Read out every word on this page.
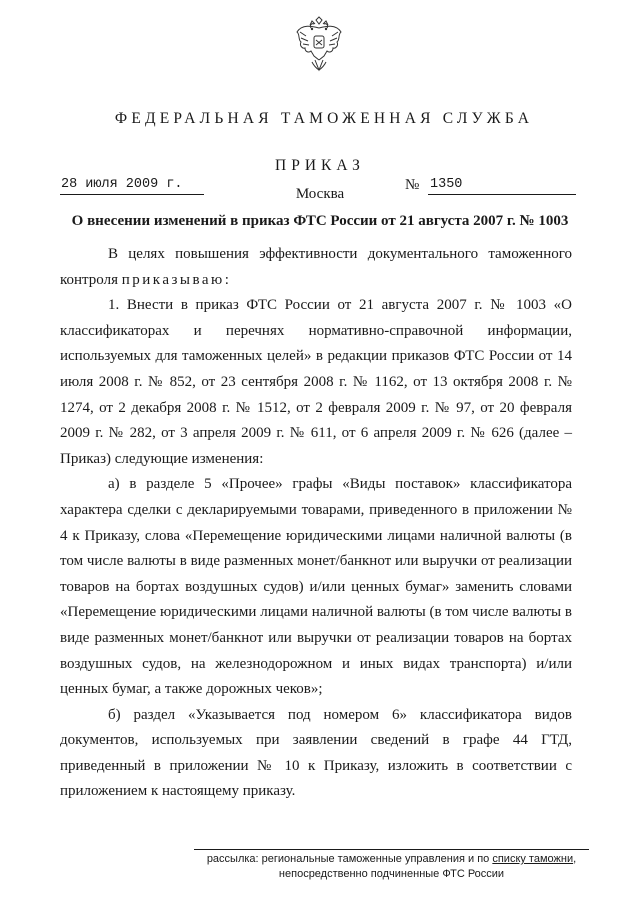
ФЕДЕРАЛЬНАЯ ТАМОЖЕННАЯ СЛУЖБА
ПРИКАЗ
28 июля 2009 г.
Москва
№ 1350
О внесении изменений в приказ ФТС России от 21 августа 2007 г. № 1003

В целях повышения эффективности документального таможенного контроля приказываю:

1. Внести в приказ ФТС России от 21 августа 2007 г. № 1003 «О классификаторах и перечнях нормативно-справочной информации, используемых для таможенных целей» в редакции приказов ФТС России от 14 июля 2008 г. № 852, от 23 сентября 2008 г. № 1162, от 13 октября 2008 г. № 1274, от 2 декабря 2008 г. № 1512, от 2 февраля 2009 г. № 97, от 20 февраля 2009 г. № 282, от 3 апреля 2009 г. № 611, от 6 апреля 2009 г. № 626 (далее – Приказ) следующие изменения:

а) в разделе 5 «Прочее» графы «Виды поставок» классификатора характера сделки с декларируемыми товарами, приведенного в приложении № 4 к Приказу, слова «Перемещение юридическими лицами наличной валюты (в том числе валюты в виде разменных монет/банкнот или выручки от реализации товаров на бортах воздушных судов) и/или ценных бумаг» заменить словами «Перемещение юридическими лицами наличной валюты (в том числе валюты в виде разменных монет/банкнот или выручки от реализации товаров на бортах воздушных судов, на железнодорожном и иных видах транспорта) и/или ценных бумаг, а также дорожных чеков»;

б) раздел «Указывается под номером 6» классификатора видов документов, используемых при заявлении сведений в графе 44 ГТД, приведенный в приложении № 10 к Приказу, изложить в соответствии с приложением к настоящему приказу.

рассылка: региональные таможенные управления и по списку таможни,
непосредственно подчиненные ФТС России
